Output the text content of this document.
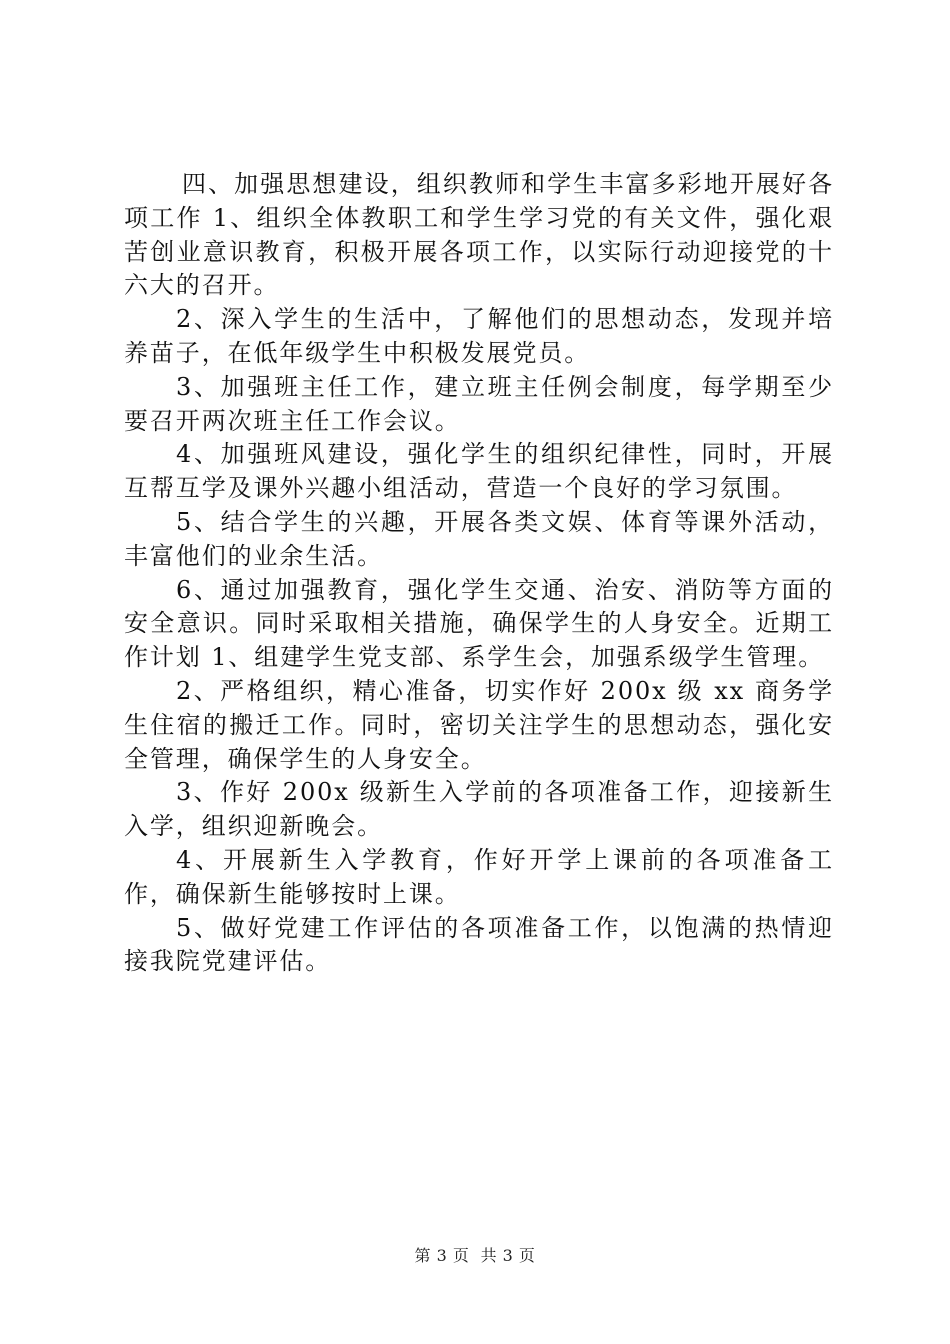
四、加强思想建设，组织教师和学生丰富多彩地开展好各项工作 1、组织全体教职工和学生学习党的有关文件，强化艰苦创业意识教育，积极开展各项工作，以实际行动迎接党的十六大的召开。

2、深入学生的生活中，了解他们的思想动态，发现并培养苗子，在低年级学生中积极发展党员。

3、加强班主任工作，建立班主任例会制度，每学期至少要召开两次班主任工作会议。

4、加强班风建设，强化学生的组织纪律性，同时，开展互帮互学及课外兴趣小组活动，营造一个良好的学习氛围。

5、结合学生的兴趣，开展各类文娱、体育等课外活动，丰富他们的业余生活。

6、通过加强教育，强化学生交通、治安、消防等方面的安全意识。同时采取相关措施，确保学生的人身安全。近期工作计划 1、组建学生党支部、系学生会，加强系级学生管理。

2、严格组织，精心准备，切实作好 200x 级 xx 商务学生住宿的搬迁工作。同时，密切关注学生的思想动态，强化安全管理，确保学生的人身安全。

3、作好 200x 级新生入学前的各项准备工作，迎接新生入学，组织迎新晚会。

4、开展新生入学教育，作好开学上课前的各项准备工作，确保新生能够按时上课。

5、做好党建工作评估的各项准备工作，以饱满的热情迎接我院党建评估。

第 3 页 共 3 页
